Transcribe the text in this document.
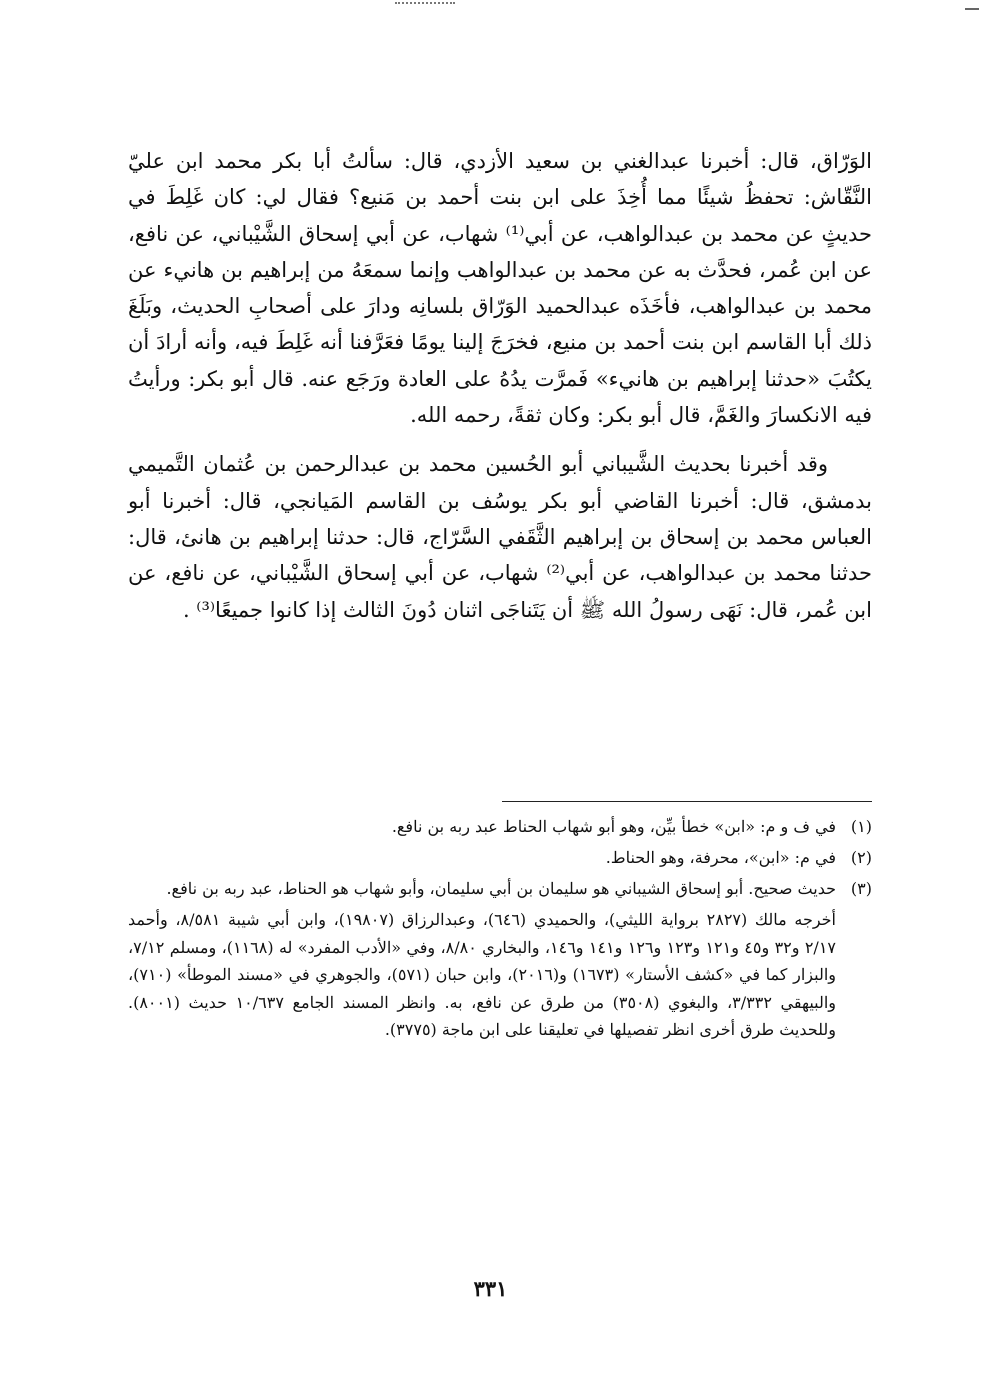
الوَرّاق، قال: أخبرنا عبدالغني بن سعيد الأزدي، قال: سألتُ أبا بكر محمد ابن عليّ النَّقّاش: تحفظُ شيئًا مما أُخِذَ على ابن بنت أحمد بن مَنيع؟ فقال لي: كان غَلِطَ في حديثٍ عن محمد بن عبدالواهب، عن أبي⁽¹⁾ شهاب، عن أبي إسحاق الشَّيْباني، عن نافع، عن ابن عُمر، فحدَّث به عن محمد بن عبدالواهب وإنما سمعَهُ من إبراهيم بن هانيء عن محمد بن عبدالواهب، فأخَذَه عبدالحميد الوَرّاق بلسانِه ودارَ على أصحابِ الحديث، وبَلَغَ ذلك أبا القاسم ابن بنت أحمد بن منيع، فخرَجَ إلينا يومًا فعَرَّفنا أنه غَلِطَ فيه، وأنه أرادَ أن يكتُبَ «حدثنا إبراهيم بن هانيء» فَمرَّت يدُهُ على العادة ورَجَع عنه. قال أبو بكر: ورأيتُ فيه الانكسارَ والغَمَّ، قال أبو بكر: وكان ثقةً، رحمه الله.

وقد أخبرنا بحديث الشَّيباني أبو الحُسين محمد بن عبدالرحمن بن عُثمان التَّميمي بدمشق، قال: أخبرنا القاضي أبو بكر يوسُف بن القاسم المَيانجي، قال: أخبرنا أبو العباس محمد بن إسحاق بن إبراهيم الثَّقَفي السَّرّاج، قال: حدثنا إبراهيم بن هانئ، قال: حدثنا محمد بن عبدالواهب، عن أبي⁽²⁾ شهاب، عن أبي إسحاق الشَّيْباني، عن نافع، عن ابن عُمر، قال: نَهَى رسولُ الله ﷺ أن يَتَناجَى اثنان دُونَ الثالث إذا كانوا جميعًا⁽³⁾ .

(١)
في ف و م: «ابن» خطأ بيِّن، وهو أبو شهاب الحناط عبد ربه بن نافع.
(٢)
في م: «ابن»، محرفة، وهو الحناط.
(٣)
حديث صحيح. أبو إسحاق الشيباني هو سليمان بن أبي سليمان، وأبو شهاب هو الحناط، عبد ربه بن نافع.

أخرجه مالك (٢٨٢٧ برواية الليثي)، والحميدي (٦٤٦)، وعبدالرزاق (١٩٨٠٧)، وابن أبي شيبة ٨/٥٨١، وأحمد ٢/١٧ و٣٢ و٤٥ و١٢١ و١٢٣ و١٢٦ و١٤١ و١٤٦، والبخاري ٨/٨٠، وفي «الأدب المفرد» له (١١٦٨)، ومسلم ٧/١٢، والبزار كما في «كشف الأستار» (١٦٧٣) و(٢٠١٦)، وابن حبان (٥٧١)، والجوهري في «مسند الموطأ» (٧١٠)، والبيهقي ٣/٣٣٢، والبغوي (٣٥٠٨) من طرق عن نافع، به. وانظر المسند الجامع ١٠/٦٣٧ حديث (٨٠٠١). وللحديث طرق أخرى انظر تفصيلها في تعليقنا على ابن ماجة (٣٧٧٥).

٣٣١
